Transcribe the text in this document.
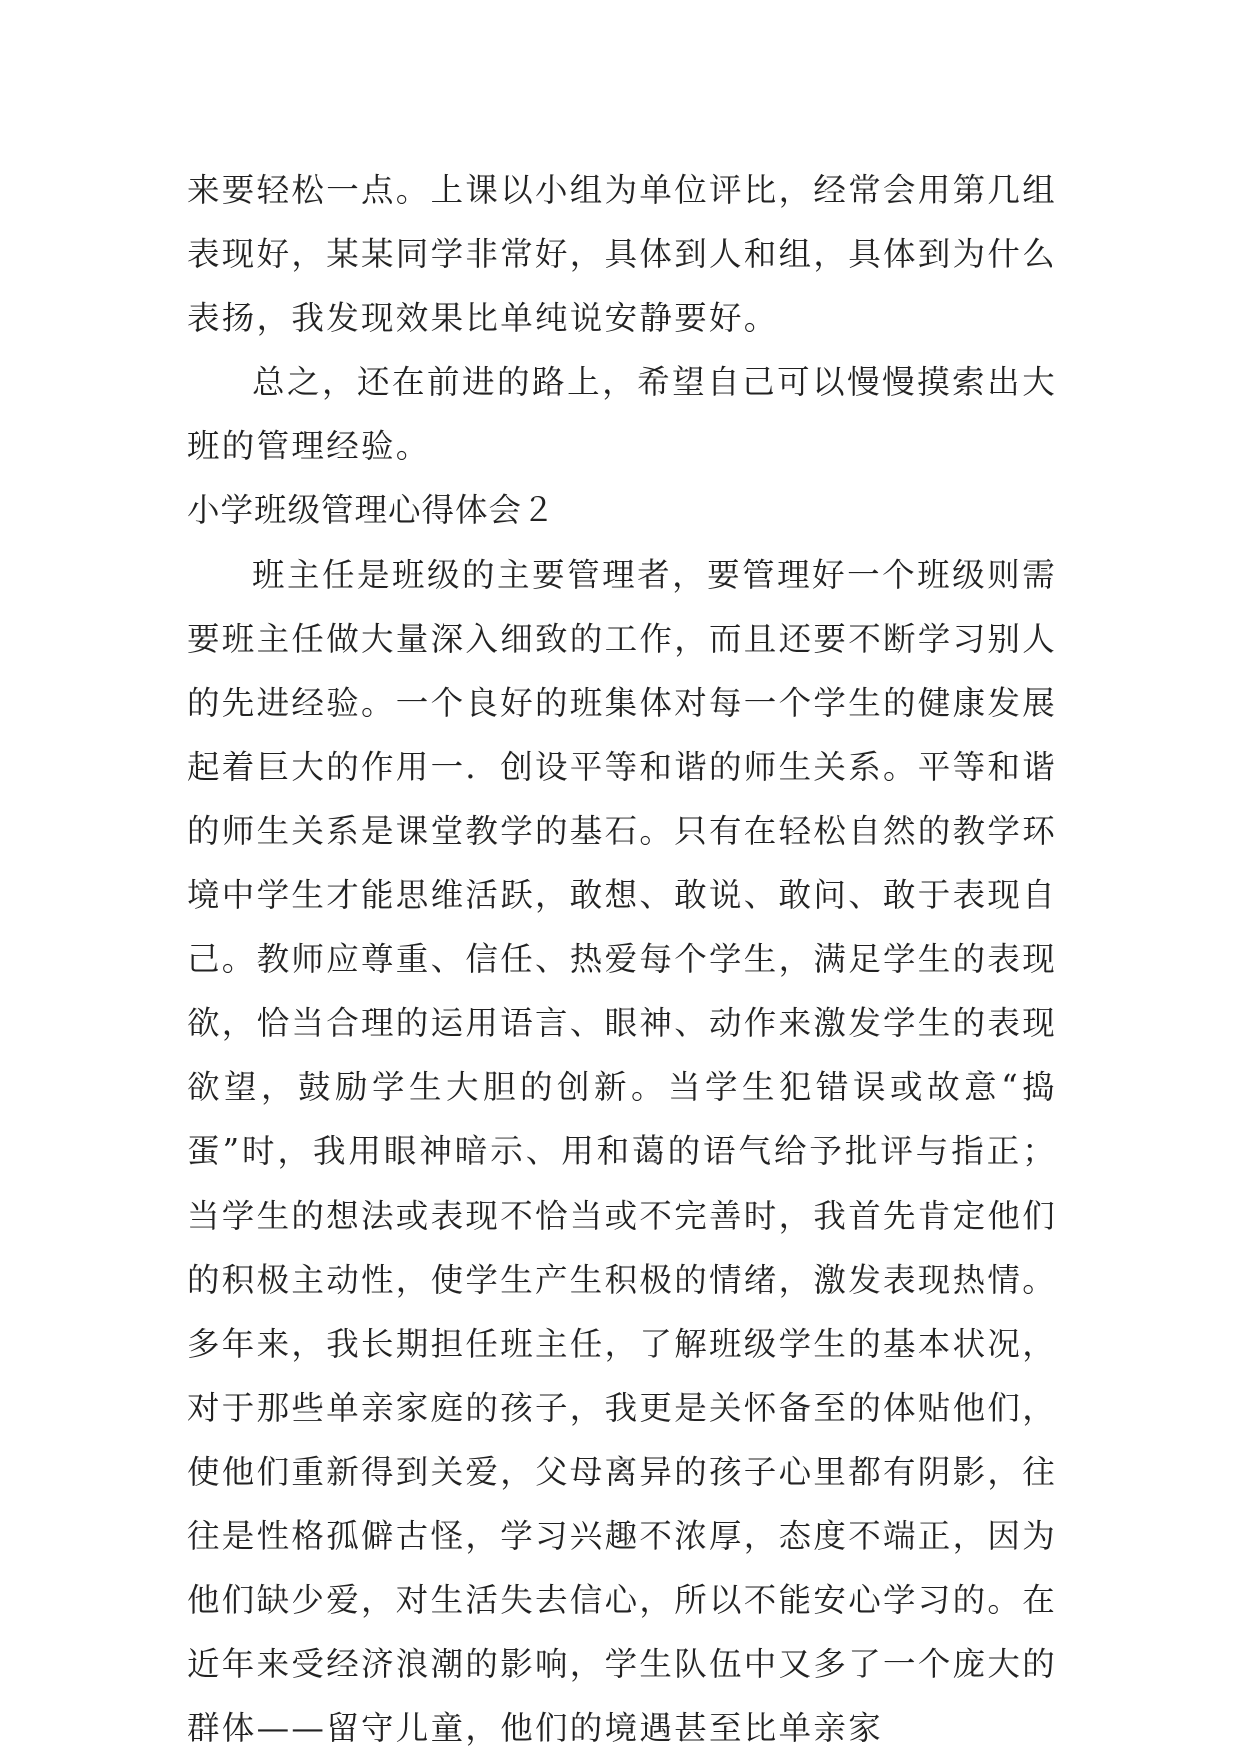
来要轻松一点。上课以小组为单位评比，经常会用第几组表现好，某某同学非常好，具体到人和组，具体到为什么表扬，我发现效果比单纯说安静要好。

总之，还在前进的路上，希望自己可以慢慢摸索出大班的管理经验。

小学班级管理心得体会２

班主任是班级的主要管理者，要管理好一个班级则需要班主任做大量深入细致的工作，而且还要不断学习别人的先进经验。一个良好的班集体对每一个学生的健康发展起着巨大的作用一．创设平等和谐的师生关系。平等和谐的师生关系是课堂教学的基石。只有在轻松自然的教学环境中学生才能思维活跃，敢想、敢说、敢问、敢于表现自己。教师应尊重、信任、热爱每个学生，满足学生的表现欲，恰当合理的运用语言、眼神、动作来激发学生的表现欲望，鼓励学生大胆的创新。当学生犯错误或故意“捣蛋”时，我用眼神暗示、用和蔼的语气给予批评与指正；当学生的想法或表现不恰当或不完善时，我首先肯定他们的积极主动性，使学生产生积极的情绪，激发表现热情。多年来，我长期担任班主任，了解班级学生的基本状况，对于那些单亲家庭的孩子，我更是关怀备至的体贴他们，使他们重新得到关爱，父母离异的孩子心里都有阴影，往往是性格孤僻古怪，学习兴趣不浓厚，态度不端正，因为他们缺少爱，对生活失去信心，所以不能安心学习的。在近年来受经济浪潮的影响，学生队伍中又多了一个庞大的群体——留守儿童，他们的境遇甚至比单亲家
